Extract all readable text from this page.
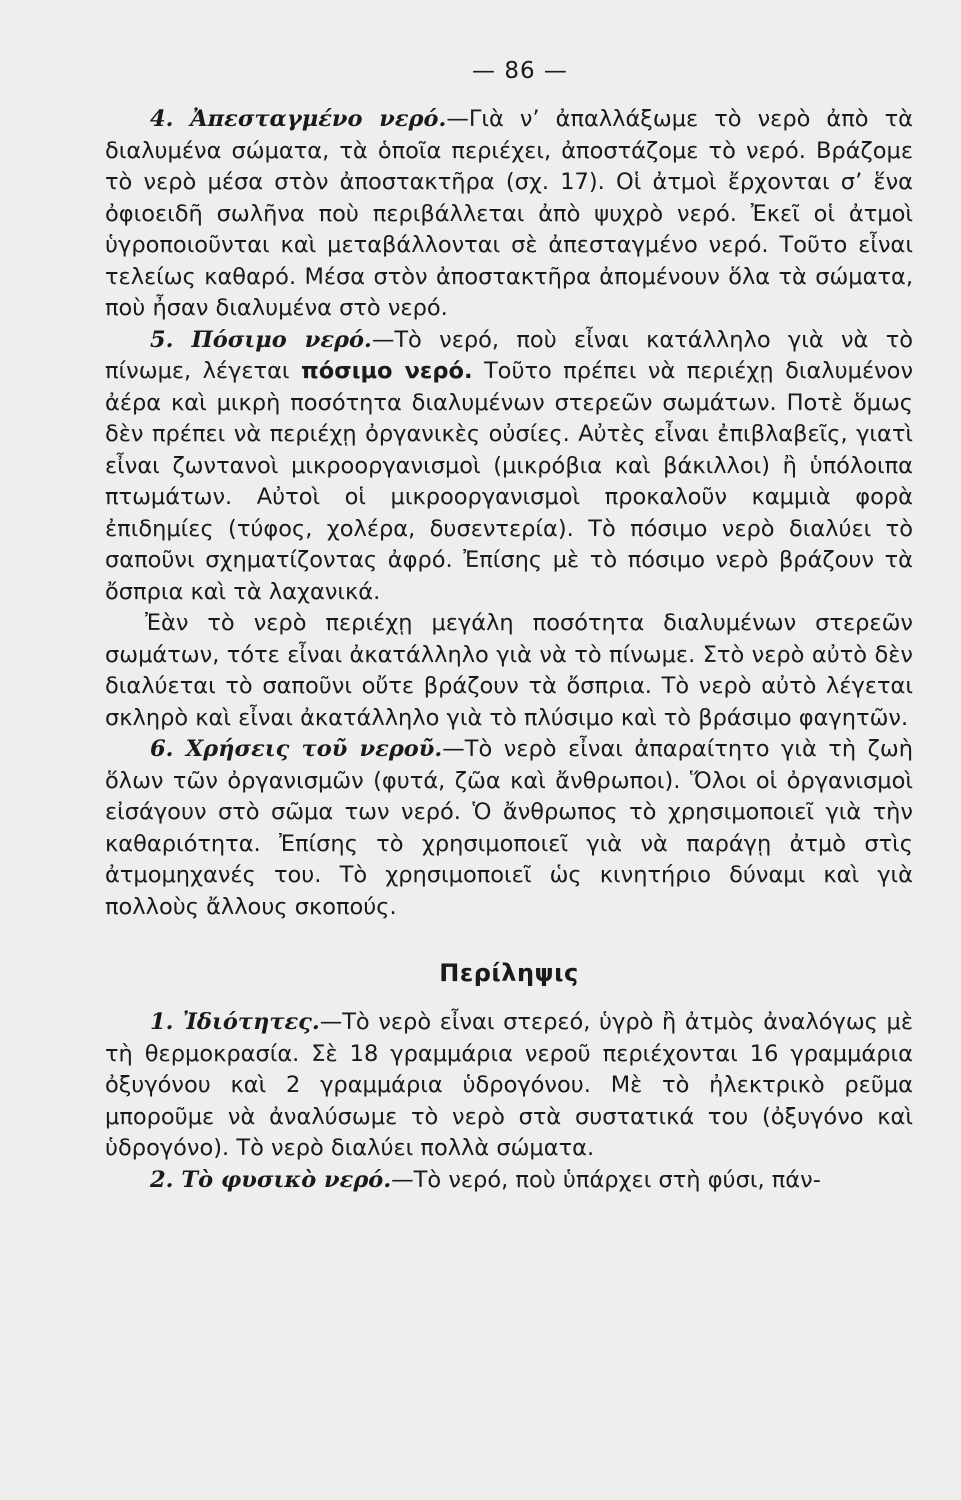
— 86 —

4. Ἀπεσταγμένο νερό.—Γιὰ ν’ ἀπαλλάξωμε τὸ νερὸ ἀπὸ τὰ διαλυμένα σώματα, τὰ ὁποῖα περιέχει, ἀποστάζομε τὸ νερό. Βράζομε τὸ νερὸ μέσα στὸν ἀποστακτῆρα (σχ. 17). Οἱ ἀτμοὶ ἔρχονται σ’ ἕνα ὀφιοειδῆ σωλῆνα ποὺ περιβάλλεται ἀπὸ ψυχρὸ νερό. Ἐκεῖ οἱ ἀτμοὶ ὑγροποιοῦνται καὶ μεταβάλλονται σὲ ἀπεσταγμένο νερό. Τοῦτο εἶναι τελείως καθαρό. Μέσα στὸν ἀποστακτῆρα ἀπομένουν ὅλα τὰ σώματα, ποὺ ἦσαν διαλυμένα στὸ νερό.

5. Πόσιμο νερό.—Τὸ νερό, ποὺ εἶναι κατάλληλο γιὰ νὰ τὸ πίνωμε, λέγεται πόσιμο νερό. Τοῦτο πρέπει νὰ περιέχῃ διαλυμένον ἀέρα καὶ μικρὴ ποσότητα διαλυμένων στερεῶν σωμάτων. Ποτὲ ὅμως δὲν πρέπει νὰ περιέχῃ ὀργανικὲς οὐσίες. Αὐτὲς εἶναι ἐπιβλαβεῖς, γιατὶ εἶναι ζωντανοὶ μικροοργανισμοὶ (μικρόβια καὶ βάκιλλοι) ἢ ὑπόλοιπα πτωμάτων. Αὐτοὶ οἱ μικροοργανισμοὶ προκαλοῦν καμμιὰ φορὰ ἐπιδημίες (τύφος, χολέρα, δυσεντερία). Τὸ πόσιμο νερὸ διαλύει τὸ σαποῦνι σχηματίζοντας ἀφρό. Ἐπίσης μὲ τὸ πόσιμο νερὸ βράζουν τὰ ὄσπρια καὶ τὰ λαχανικά.

Ἐὰν τὸ νερὸ περιέχῃ μεγάλη ποσότητα διαλυμένων στερεῶν σωμάτων, τότε εἶναι ἀκατάλληλο γιὰ νὰ τὸ πίνωμε. Στὸ νερὸ αὐτὸ δὲν διαλύεται τὸ σαποῦνι οὔτε βράζουν τὰ ὄσπρια. Τὸ νερὸ αὐτὸ λέγεται σκληρὸ καὶ εἶναι ἀκατάλληλο γιὰ τὸ πλύσιμο καὶ τὸ βράσιμο φαγητῶν.

6. Χρήσεις τοῦ νεροῦ.—Τὸ νερὸ εἶναι ἀπαραίτητο γιὰ τὴ ζωὴ ὅλων τῶν ὀργανισμῶν (φυτά, ζῶα καὶ ἄνθρωποι). Ὅλοι οἱ ὀργανισμοὶ εἰσάγουν στὸ σῶμα των νερό. Ὁ ἄνθρωπος τὸ χρησιμοποιεῖ γιὰ τὴν καθαριότητα. Ἐπίσης τὸ χρησιμοποιεῖ γιὰ νὰ παράγῃ ἀτμὸ στὶς ἀτμομηχανές του. Τὸ χρησιμοποιεῖ ὡς κινητήριο δύναμι καὶ γιὰ πολλοὺς ἄλλους σκοπούς.

Περίληψις

1. Ἰδιότητες.—Τὸ νερὸ εἶναι στερεό, ὑγρὸ ἢ ἀτμὸς ἀναλόγως μὲ τὴ θερμοκρασία. Σὲ 18 γραμμάρια νεροῦ περιέχονται 16 γραμμάρια ὀξυγόνου καὶ 2 γραμμάρια ὑδρογόνου. Μὲ τὸ ἠλεκτρικὸ ρεῦμα μποροῦμε νὰ ἀναλύσωμε τὸ νερὸ στὰ συστατικά του (ὀξυγόνο καὶ ὑδρογόνο). Τὸ νερὸ διαλύει πολλὰ σώματα.

2. Τὸ φυσικὸ νερό.—Τὸ νερό, ποὺ ὑπάρχει στὴ φύσι, πάν-
